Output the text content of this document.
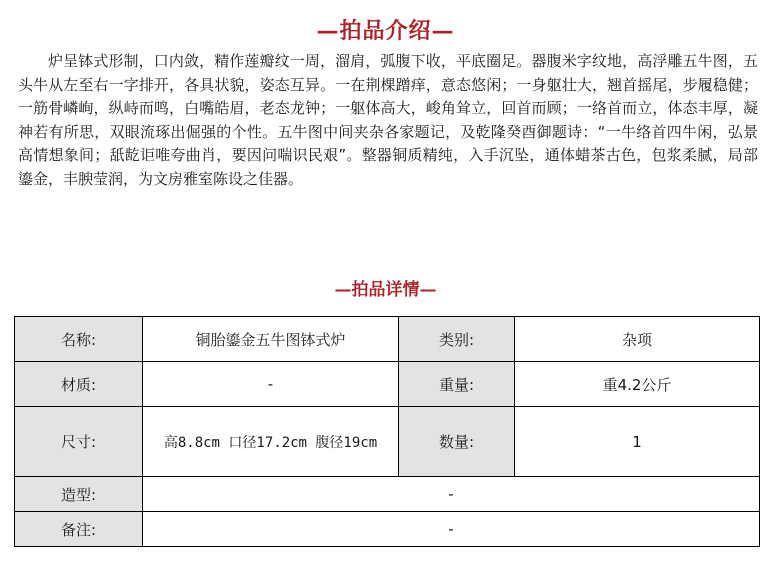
—拍品介绍—

炉呈钵式形制，口内敛，精作莲瓣纹一周，溜肩，弧腹下收，平底圈足。器腹米字纹地，高浮雕五牛图，五头牛从左至右一字排开，各具状貌，姿态互异。一在荆棵蹭痒，意态悠闲；一身躯壮大，翘首摇尾，步履稳健；一筋骨嶙峋，纵峙而鸣，白嘴皓眉，老态龙钟；一躯体高大，峻角耸立，回首而顾；一络首而立，体态丰厚，凝神若有所思，双眼流琢出倔强的个性。五牛图中间夹杂各家题记，及乾隆癸酉御题诗：“一牛络首四牛闲，弘景高情想象间；舐龁讵唯夸曲肖，要因问喘识民艰”。整器铜质精纯，入手沉坠，通体蜡茶古色，包浆柔腻，局部鎏金，丰腴莹润，为文房雅室陈设之佳器。

—拍品详情—
名称:	铜胎鎏金五牛图钵式炉	类别:	杂项
材质:	-	重量:	重4.2公斤
尺寸:	高8.8cm 口径17.2cm 腹径19cm	数量:	1
造型:	-		
备注:	-		
